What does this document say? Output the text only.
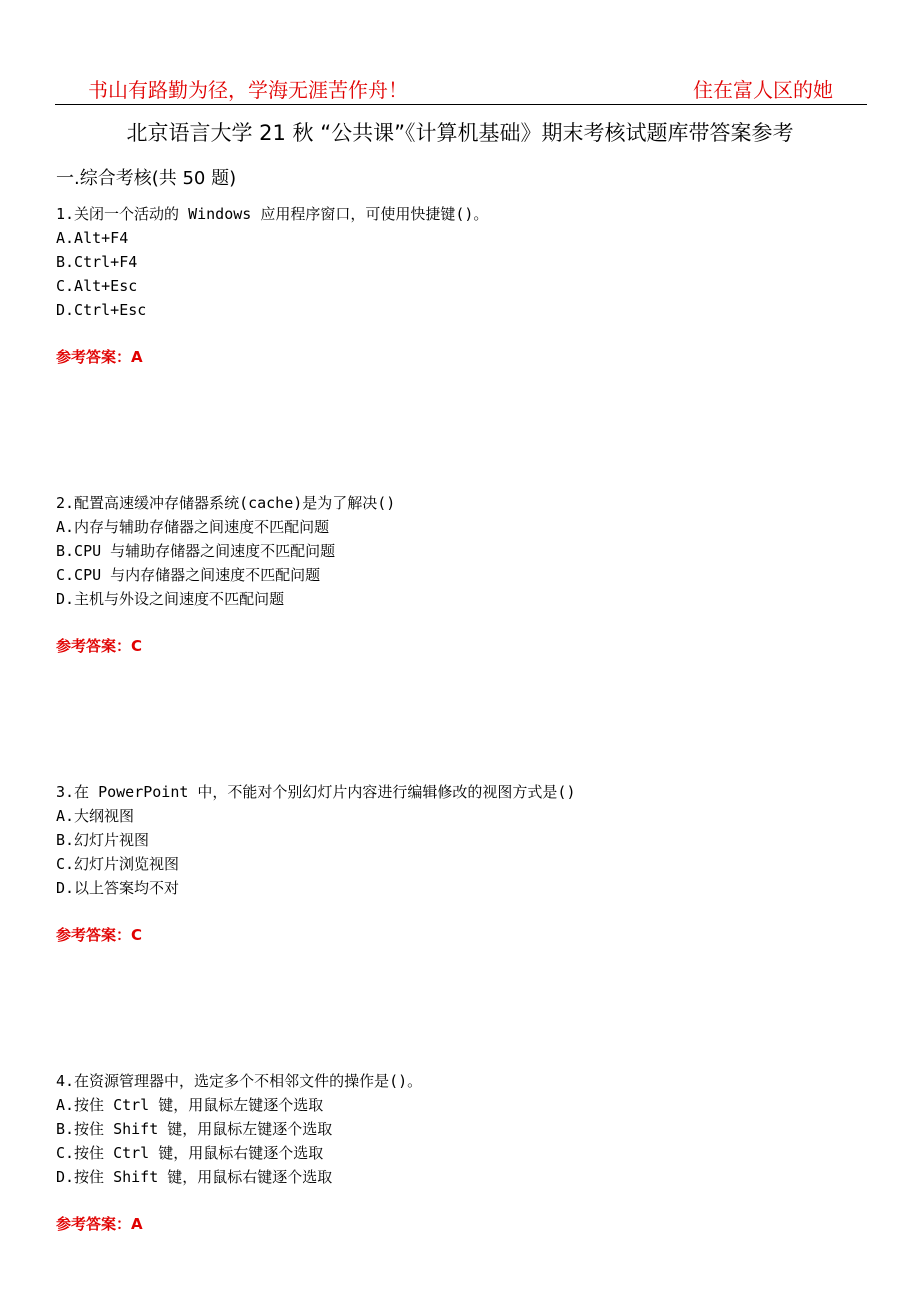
书山有路勤为径，学海无涯苦作舟！	住在富人区的她
北京语言大学 21 秋 “公共课”《计算机基础》期末考核试题库带答案参考
一.综合考核(共 50 题)
1.关闭一个活动的 Windows 应用程序窗口，可使用快捷键()。
A.Alt+F4
B.Ctrl+F4
C.Alt+Esc
D.Ctrl+Esc
参考答案：A
2.配置高速缓冲存储器系统(cache)是为了解决()
A.内存与辅助存储器之间速度不匹配问题
B.CPU 与辅助存储器之间速度不匹配问题
C.CPU 与内存储器之间速度不匹配问题
D.主机与外设之间速度不匹配问题
参考答案：C
3.在 PowerPoint 中，不能对个别幻灯片内容进行编辑修改的视图方式是()
A.大纲视图
B.幻灯片视图
C.幻灯片浏览视图
D.以上答案均不对
参考答案：C
4.在资源管理器中，选定多个不相邻文件的操作是()。
A.按住 Ctrl 键，用鼠标左键逐个选取
B.按住 Shift 键，用鼠标左键逐个选取
C.按住 Ctrl 键，用鼠标右键逐个选取
D.按住 Shift 键，用鼠标右键逐个选取
参考答案：A
